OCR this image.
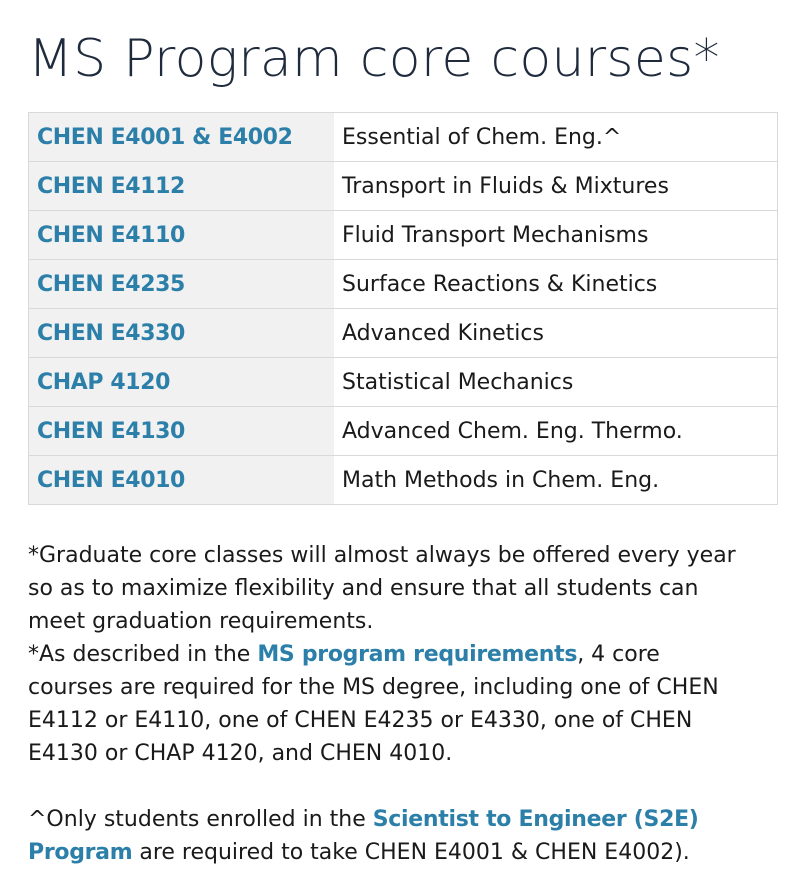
MS Program core courses*
CHEN E4001 & E4002	Essential of Chem. Eng.^
CHEN E4112	Transport in Fluids & Mixtures
CHEN E4110	Fluid Transport Mechanisms
CHEN E4235	Surface Reactions & Kinetics
CHEN E4330	Advanced Kinetics
CHAP 4120	Statistical Mechanics
CHEN E4130	Advanced Chem. Eng. Thermo.
CHEN E4010	Math Methods in Chem. Eng.

*Graduate core classes will almost always be offered every year so as to maximize flexibility and ensure that all students can meet graduation requirements.

*As described in the MS program requirements, 4 core courses are required for the MS degree, including one of CHEN E4112 or E4110, one of CHEN E4235 or E4330, one of CHEN E4130 or CHAP 4120, and CHEN 4010.

^Only students enrolled in the Scientist to Engineer (S2E) Program are required to take CHEN E4001 & CHEN E4002).
